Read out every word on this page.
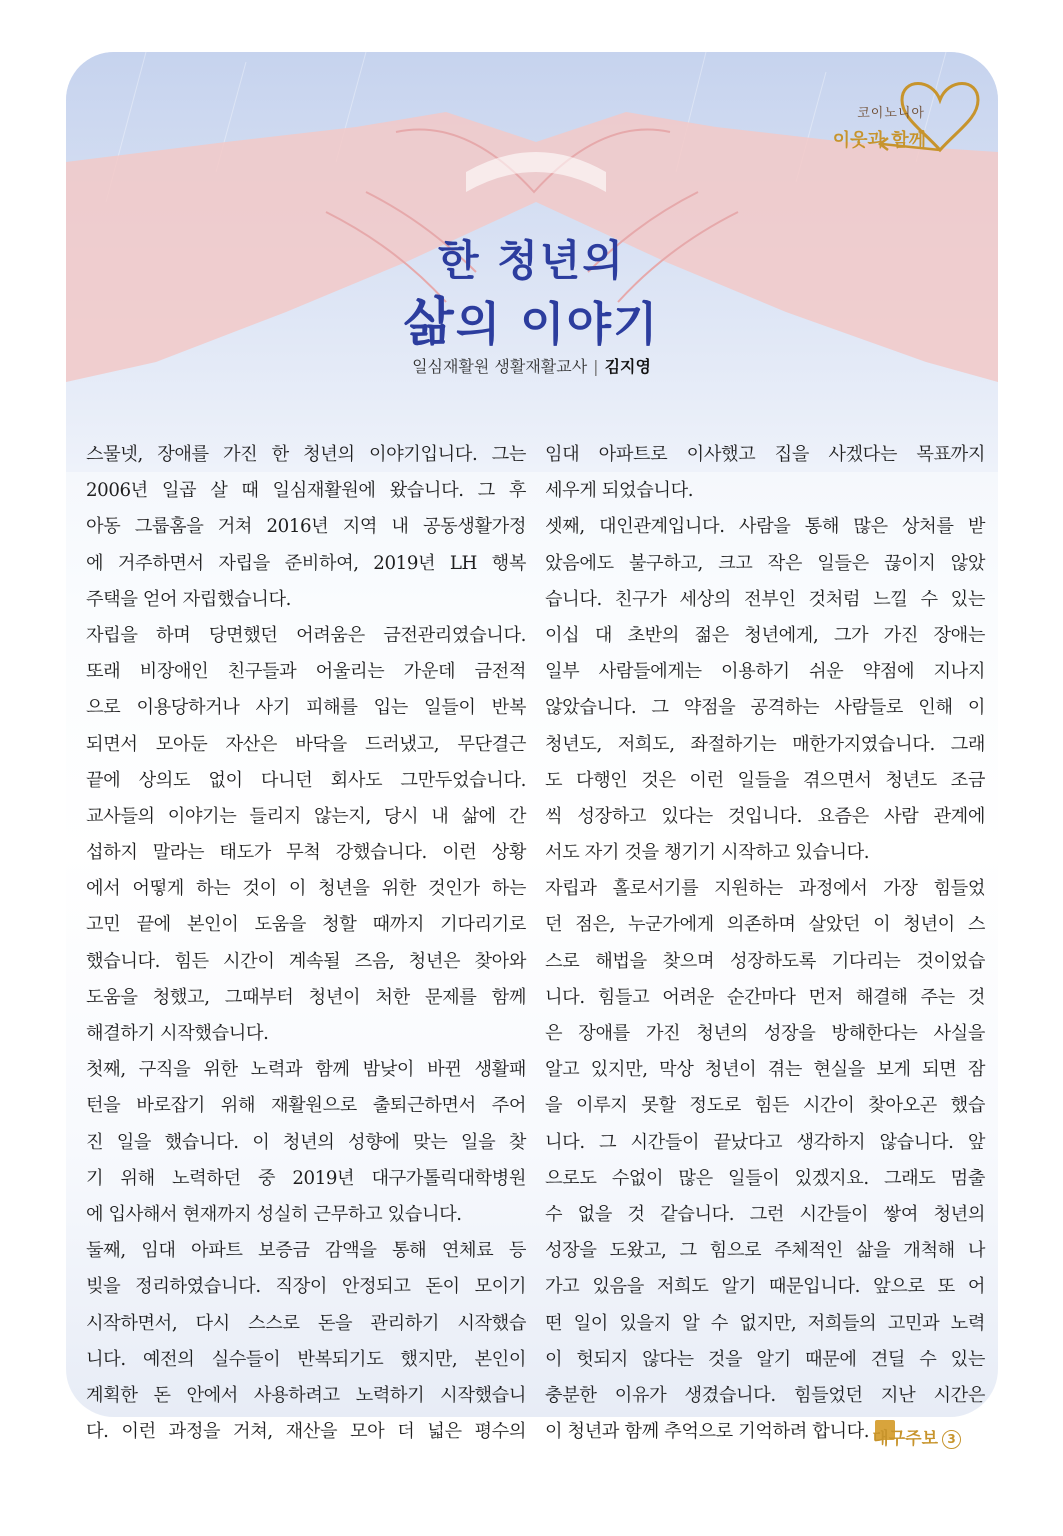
코이노니아
이웃과 함께
한 청년의
삶의 이야기
일심재활원 생활재활교사 | 김지영
스물넷, 장애를 가진 한 청년의 이야기입니다. 그는
2006년 일곱 살 때 일심재활원에 왔습니다. 그 후
아동 그룹홈을 거쳐 2016년 지역 내 공동생활가정
에 거주하면서 자립을 준비하여, 2019년 LH 행복
주택을 얻어 자립했습니다.
자립을 하며 당면했던 어려움은 금전관리였습니다.
또래 비장애인 친구들과 어울리는 가운데 금전적
으로 이용당하거나 사기 피해를 입는 일들이 반복
되면서 모아둔 자산은 바닥을 드러냈고, 무단결근
끝에 상의도 없이 다니던 회사도 그만두었습니다.
교사들의 이야기는 들리지 않는지, 당시 내 삶에 간
섭하지 말라는 태도가 무척 강했습니다. 이런 상황
에서 어떻게 하는 것이 이 청년을 위한 것인가 하는
고민 끝에 본인이 도움을 청할 때까지 기다리기로
했습니다. 힘든 시간이 계속될 즈음, 청년은 찾아와
도움을 청했고, 그때부터 청년이 처한 문제를 함께
해결하기 시작했습니다.
첫째, 구직을 위한 노력과 함께 밤낮이 바뀐 생활패
턴을 바로잡기 위해 재활원으로 출퇴근하면서 주어
진 일을 했습니다. 이 청년의 성향에 맞는 일을 찾
기 위해 노력하던 중 2019년 대구가톨릭대학병원
에 입사해서 현재까지 성실히 근무하고 있습니다.
둘째, 임대 아파트 보증금 감액을 통해 연체료 등
빚을 정리하였습니다. 직장이 안정되고 돈이 모이기
시작하면서, 다시 스스로 돈을 관리하기 시작했습
니다. 예전의 실수들이 반복되기도 했지만, 본인이
계획한 돈 안에서 사용하려고 노력하기 시작했습니
다. 이런 과정을 거쳐, 재산을 모아 더 넓은 평수의
임대 아파트로 이사했고 집을 사겠다는 목표까지
세우게 되었습니다.
셋째, 대인관계입니다. 사람을 통해 많은 상처를 받
았음에도 불구하고, 크고 작은 일들은 끊이지 않았
습니다. 친구가 세상의 전부인 것처럼 느낄 수 있는
이십 대 초반의 젊은 청년에게, 그가 가진 장애는
일부 사람들에게는 이용하기 쉬운 약점에 지나지
않았습니다. 그 약점을 공격하는 사람들로 인해 이
청년도, 저희도, 좌절하기는 매한가지였습니다. 그래
도 다행인 것은 이런 일들을 겪으면서 청년도 조금
씩 성장하고 있다는 것입니다. 요즘은 사람 관계에
서도 자기 것을 챙기기 시작하고 있습니다.
자립과 홀로서기를 지원하는 과정에서 가장 힘들었
던 점은, 누군가에게 의존하며 살았던 이 청년이 스
스로 해법을 찾으며 성장하도록 기다리는 것이었습
니다. 힘들고 어려운 순간마다 먼저 해결해 주는 것
은 장애를 가진 청년의 성장을 방해한다는 사실을
알고 있지만, 막상 청년이 겪는 현실을 보게 되면 잠
을 이루지 못할 정도로 힘든 시간이 찾아오곤 했습
니다. 그 시간들이 끝났다고 생각하지 않습니다. 앞
으로도 수없이 많은 일들이 있겠지요. 그래도 멈출
수 없을 것 같습니다. 그런 시간들이 쌓여 청년의
성장을 도왔고, 그 힘으로 주체적인 삶을 개척해 나
가고 있음을 저희도 알기 때문입니다. 앞으로 또 어
떤 일이 있을지 알 수 없지만, 저희들의 고민과 노력
이 헛되지 않다는 것을 알기 때문에 견딜 수 있는
충분한 이유가 생겼습니다. 힘들었던 지난 시간은
이 청년과 함께 추억으로 기억하려 합니다. 대구주보 3
